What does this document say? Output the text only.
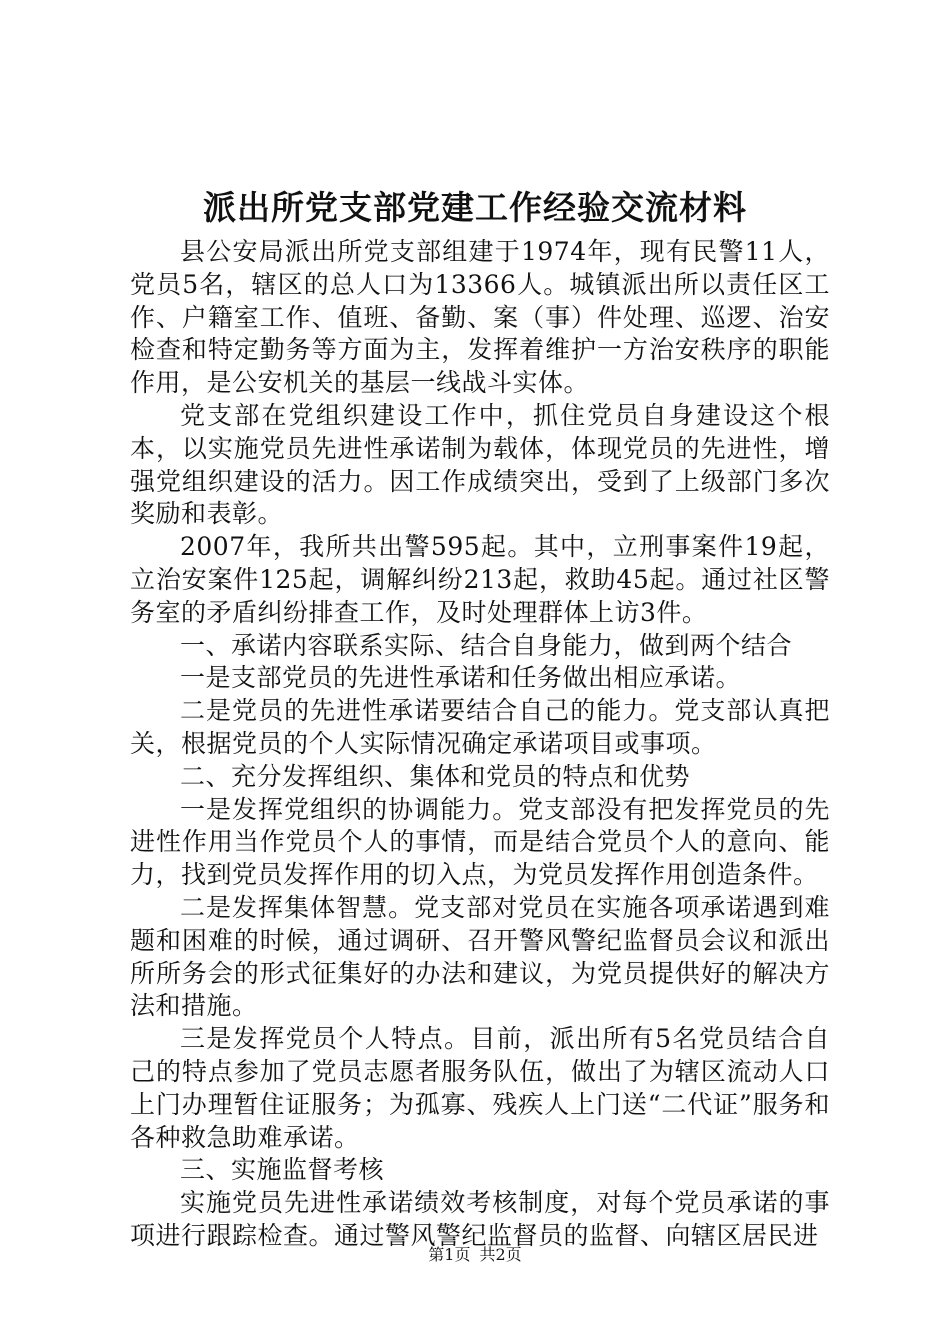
派出所党支部党建工作经验交流材料

县公安局派出所党支部组建于1974年，现有民警11人，党员5名，辖区的总人口为13366人。城镇派出所以责任区工作、户籍室工作、值班、备勤、案（事）件处理、巡逻、治安检查和特定勤务等方面为主，发挥着维护一方治安秩序的职能作用，是公安机关的基层一线战斗实体。

党支部在党组织建设工作中，抓住党员自身建设这个根本，以实施党员先进性承诺制为载体，体现党员的先进性，增强党组织建设的活力。因工作成绩突出，受到了上级部门多次奖励和表彰。

2007年，我所共出警595起。其中，立刑事案件19起，立治安案件125起，调解纠纷213起，救助45起。通过社区警务室的矛盾纠纷排查工作，及时处理群体上访3件。

一、承诺内容联系实际、结合自身能力，做到两个结合

一是支部党员的先进性承诺和任务做出相应承诺。

二是党员的先进性承诺要结合自己的能力。党支部认真把关，根据党员的个人实际情况确定承诺项目或事项。

二、充分发挥组织、集体和党员的特点和优势

一是发挥党组织的协调能力。党支部没有把发挥党员的先进性作用当作党员个人的事情，而是结合党员个人的意向、能力，找到党员发挥作用的切入点，为党员发挥作用创造条件。

二是发挥集体智慧。党支部对党员在实施各项承诺遇到难题和困难的时候，通过调研、召开警风警纪监督员会议和派出所所务会的形式征集好的办法和建议，为党员提供好的解决方法和措施。

三是发挥党员个人特点。目前，派出所有5名党员结合自己的特点参加了党员志愿者服务队伍，做出了为辖区流动人口上门办理暂住证服务；为孤寡、残疾人上门送“二代证”服务和各种救急助难承诺。

三、实施监督考核

实施党员先进性承诺绩效考核制度，对每个党员承诺的事项进行跟踪检查。通过警风警纪监督员的监督、向辖区居民进

第1页 共2页
